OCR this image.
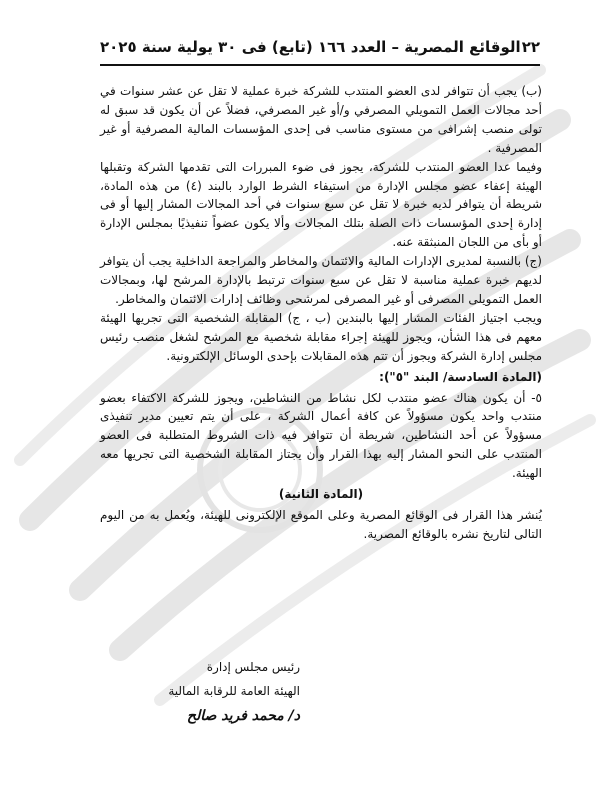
٢٢
الوقائع المصرية – العدد ١٦٦ (تابع) فى ٣٠ يولية سنة ٢٠٢٥

(ب) يجب أن تتوافر لدى العضو المنتدب للشركة خبرة عملية لا تقل عن عشر سنوات في أحد مجالات العمل التمويلي المصرفي و/أو غير المصرفي، فضلاً عن أن يكون قد سبق له تولى منصب إشرافى من مستوى مناسب فى إحدى المؤسسات المالية المصرفية أو غير المصرفية .

وفيما عدا العضو المنتدب للشركة، يجوز فى ضوء المبررات التى تقدمها الشركة وتقبلها الهيئة إعفاء عضو مجلس الإدارة من استيفاء الشرط الوارد بالبند (٤) من هذه المادة، شريطة أن يتوافر لديه خبرة لا تقل عن سبع سنوات في أحد المجالات المشار إليها أو فى إدارة إحدى المؤسسات ذات الصلة بتلك المجالات وألا يكون عضواً تنفيذيًا بمجلس الإدارة أو بأى من اللجان المنبثقة عنه.

(ج) بالنسبة لمديرى الإدارات المالية والائتمان والمخاطر والمراجعة الداخلية يجب أن يتوافر لديهم خبرة عملية مناسبة لا تقل عن سبع سنوات ترتبط بالإدارة المرشح لها، وبمجالات العمل التمويلى المصرفى أو غير المصرفى لمرشحى وظائف إدارات الائتمان والمخاطر.

ويجب اجتياز الفئات المشار إليها بالبندين (ب ، ج) المقابلة الشخصية التى تجريها الهيئة معهم فى هذا الشأن، ويجوز للهيئة إجراء مقابلة شخصية مع المرشح لشغل منصب رئيس مجلس إدارة الشركة ويجوز أن تتم هذه المقابلات بإحدى الوسائل الإلكترونية.

(المادة السادسة/ البند "٥"):

٥- أن يكون هناك عضو منتدب لكل نشاط من النشاطين، ويجوز للشركة الاكتفاء بعضو منتدب واحد يكون مسؤولاً عن كافة أعمال الشركة ، على أن يتم تعيين مدير تنفيذى مسؤولاً عن أحد النشاطين، شريطة أن تتوافر فيه ذات الشروط المتطلبة فى العضو المنتدب على النحو المشار إليه بهذا القرار وأن يجتاز المقابلة الشخصية التى تجريها معه الهيئة.

(المادة الثانية)

يُنشر هذا القرار فى الوقائع المصرية وعلى الموقع الإلكترونى للهيئة، ويُعمل به من اليوم التالى لتاريخ نشره بالوقائع المصرية.

رئيس مجلس إدارة
الهيئة العامة للرقابة المالية
د/ محمد فريد صالح
